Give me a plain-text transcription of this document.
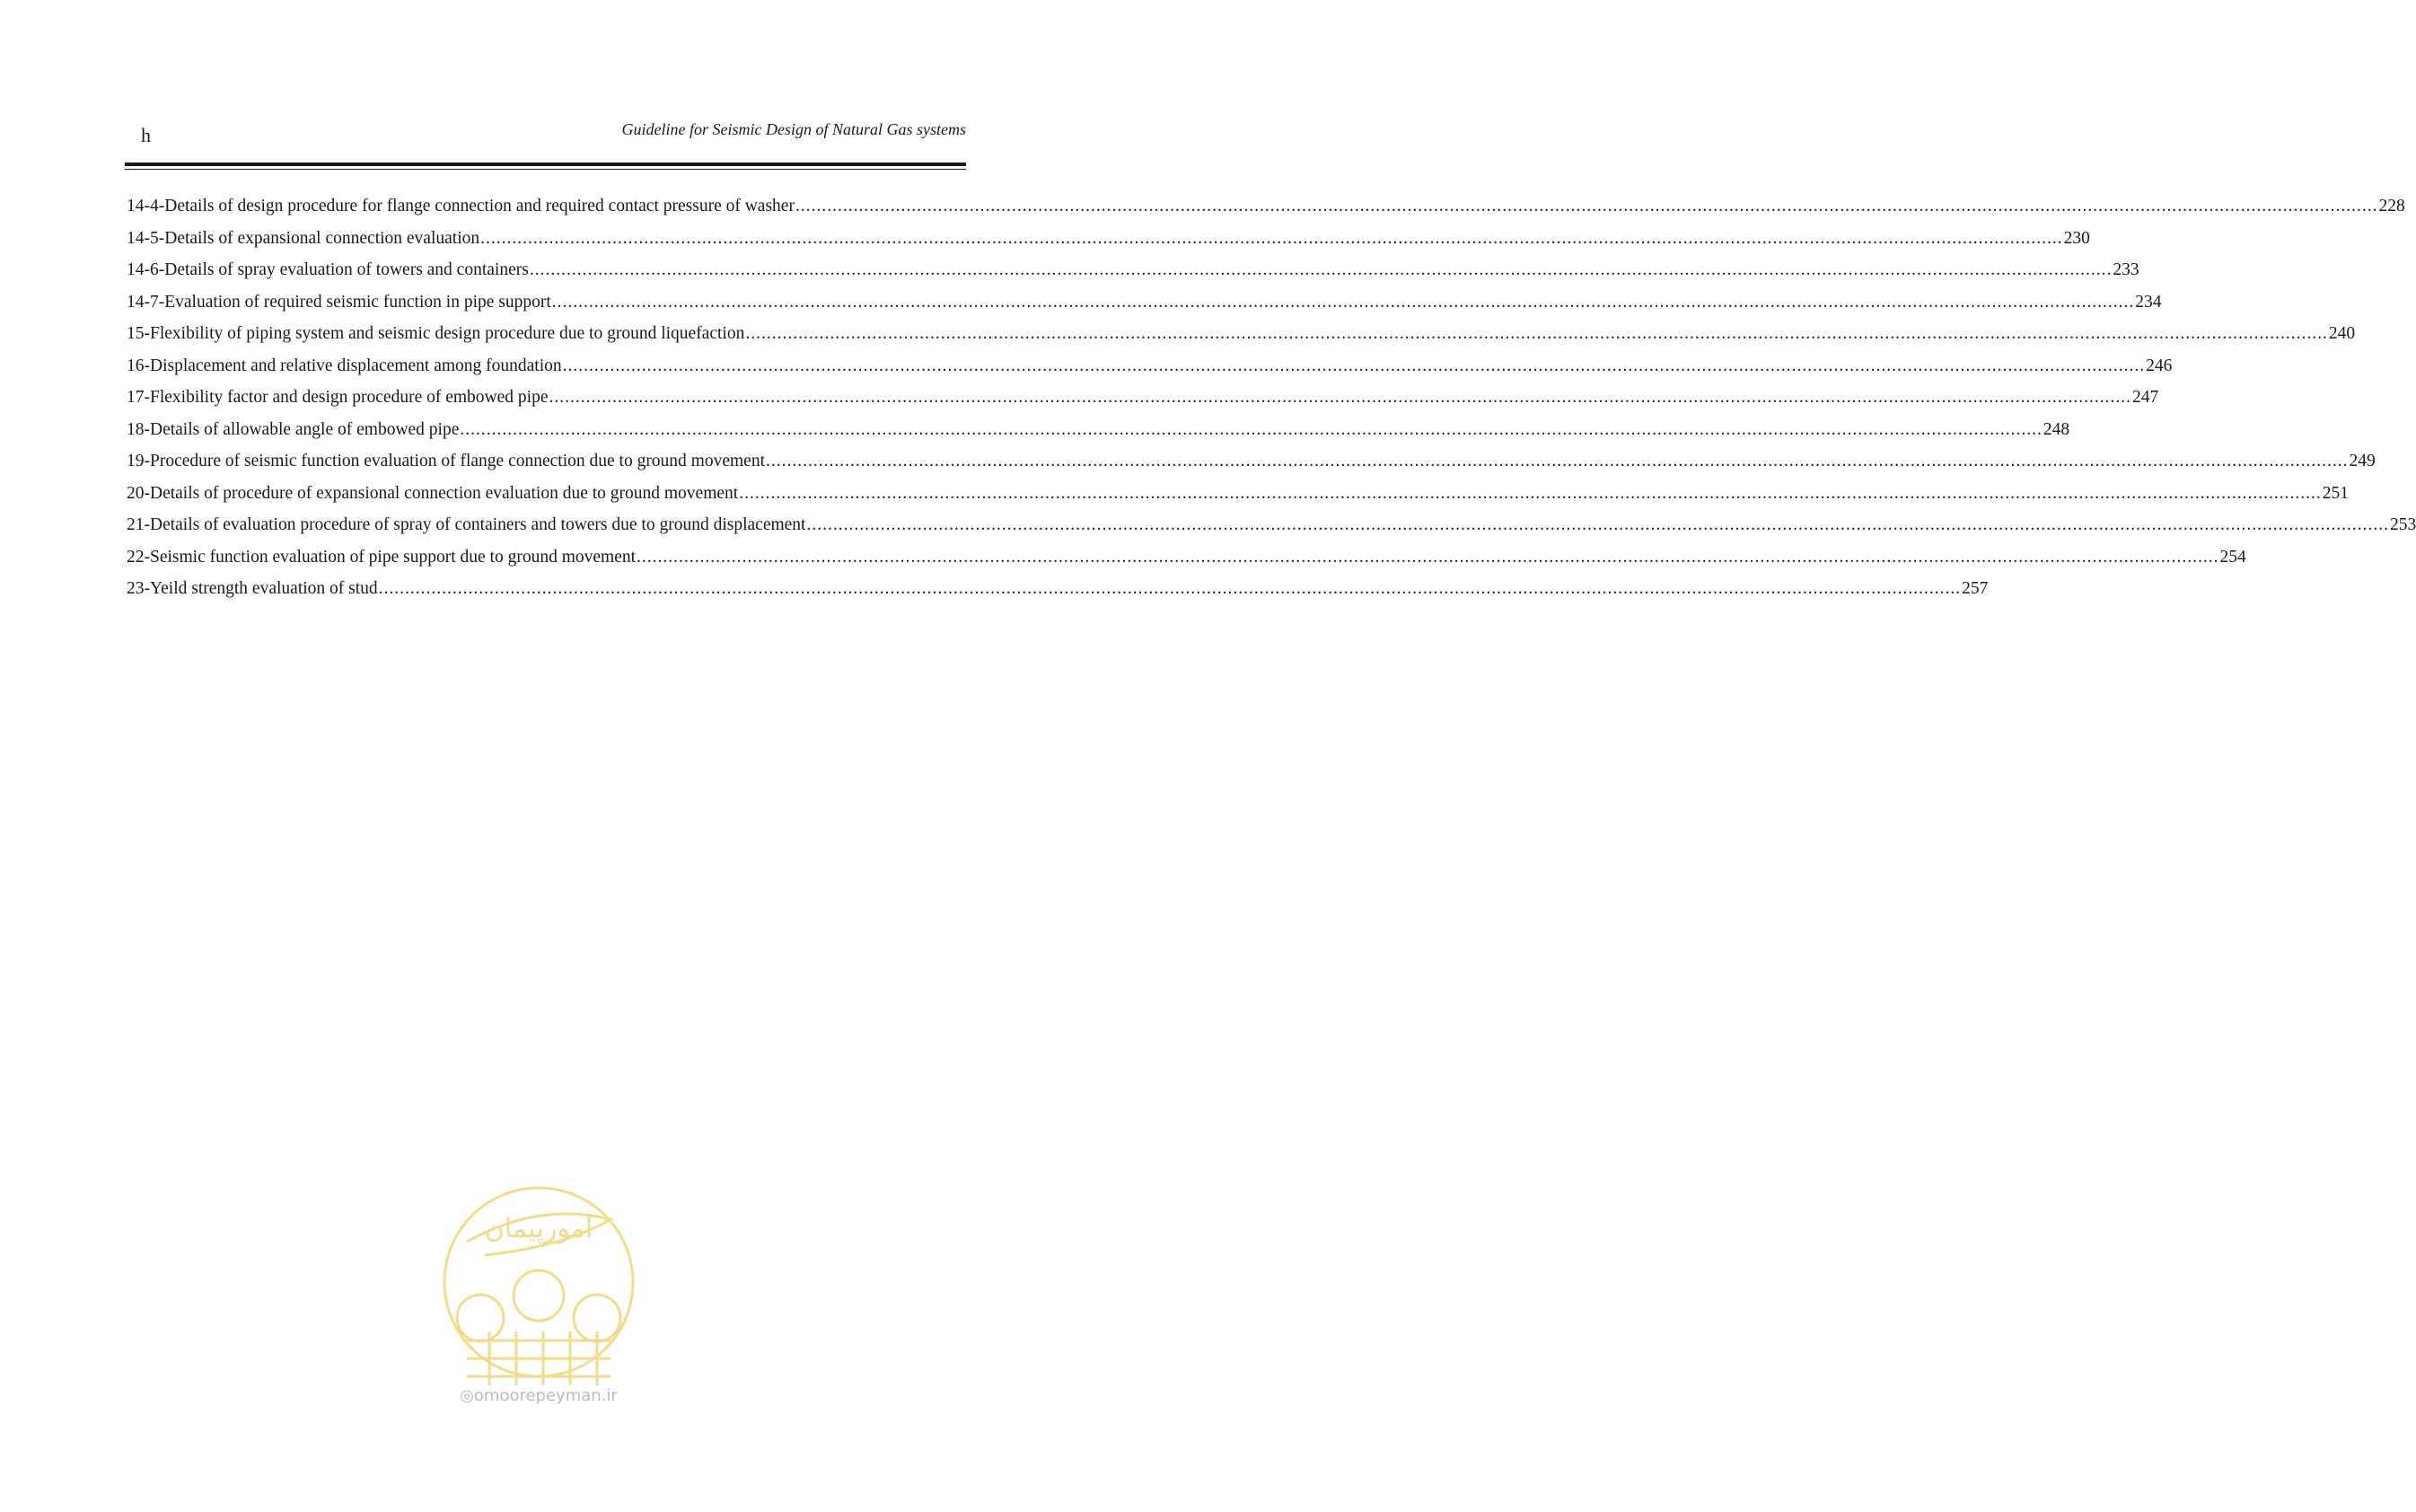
h	Guideline for Seismic Design of Natural Gas systems
14-4-Details of design procedure for flange connection and required contact pressure of washer ............................................................................................................................................................................................................................................................................................................ 228
14-5-Details of expansional connection evaluation ............................................................................................................................................................................................................................................................................................................ 230
14-6-Details of spray evaluation of towers and containers ............................................................................................................................................................................................................................................................................................................ 233
14-7-Evaluation of required seismic function in pipe support ............................................................................................................................................................................................................................................................................................................ 234
15-Flexibility of piping system and seismic design procedure due to ground liquefaction ............................................................................................................................................................................................................................................................................................................ 240
16-Displacement and relative displacement among foundation ............................................................................................................................................................................................................................................................................................................ 246
17-Flexibility factor and design procedure of embowed pipe ............................................................................................................................................................................................................................................................................................................ 247
18-Details of allowable angle of embowed pipe ............................................................................................................................................................................................................................................................................................................ 248
19-Procedure of seismic function evaluation of flange connection due to ground movement ............................................................................................................................................................................................................................................................................................................ 249
20-Details of procedure of expansional connection evaluation due to ground movement ............................................................................................................................................................................................................................................................................................................ 251
21-Details of evaluation procedure of spray of containers and towers due to ground displacement ............................................................................................................................................................................................................................................................................................................ 253
22-Seismic function evaluation of pipe support due to ground movement ............................................................................................................................................................................................................................................................................................................ 254
23-Yeild strength evaluation of stud ............................................................................................................................................................................................................................................................................................................ 257
امورپیمان
◎omoorepeyman.ir
